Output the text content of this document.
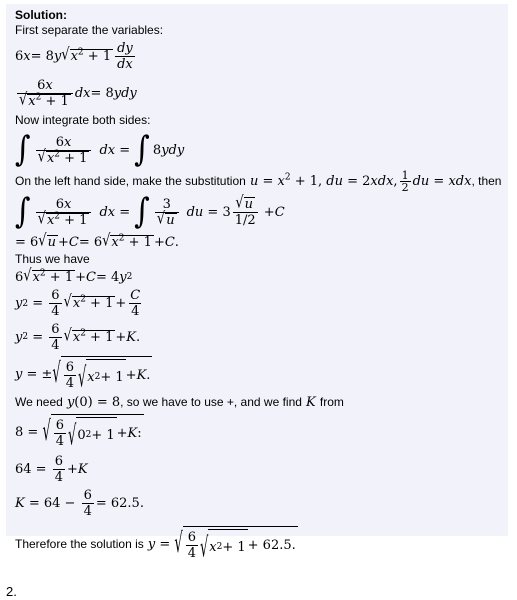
Solution:
First separate the variables:
6 x = 8 y √ $x^2 + 1 \frac{dy}{dx}$
$\frac{6x}{√ x^2 + 1}$ dx = 8 ydy
Now integrate both sides:
∫ $\frac{6x}{√ x^2 + 1}$ dx = ∫ 8 ydy
On the left hand side, make the substitution $u = x^2 + 1$, du = 2xdx, $\frac{1}{2}$ du = xdx , then
∫ $\frac{6x}{√ x^2 + 1}$ dx = ∫ $\frac{3}{√ u}$ du = $3 \frac{√ u}{1/2} + C$
= 6 √ u + C = 6 √ $x^2 + 1 + C$ .
Thus we have
6 √ $x^2 + 1 + C = 4$ y 2
y $2 = \frac{6}{4}$ √ $x^2 + 1 + \frac{C}{4}$
y $2 = \frac{6}{4}$ √ $x^2 + 1 + K$ .
y = ± √ $\frac{6}{4}$ √ x 2 + 1 + K .
We need y(0) = 8 , so we have to use +, and we find K from
8 = √ $\frac{6}{4}$ √ 0 2 + 1 + K :
$64 = \frac{6}{4} + K$
$K = 64 - \frac{6}{4} = 62.5$.
Therefore the solution is y = √ $\frac{6}{4}$ √ x 2 + 1 + 62.5.
2.
